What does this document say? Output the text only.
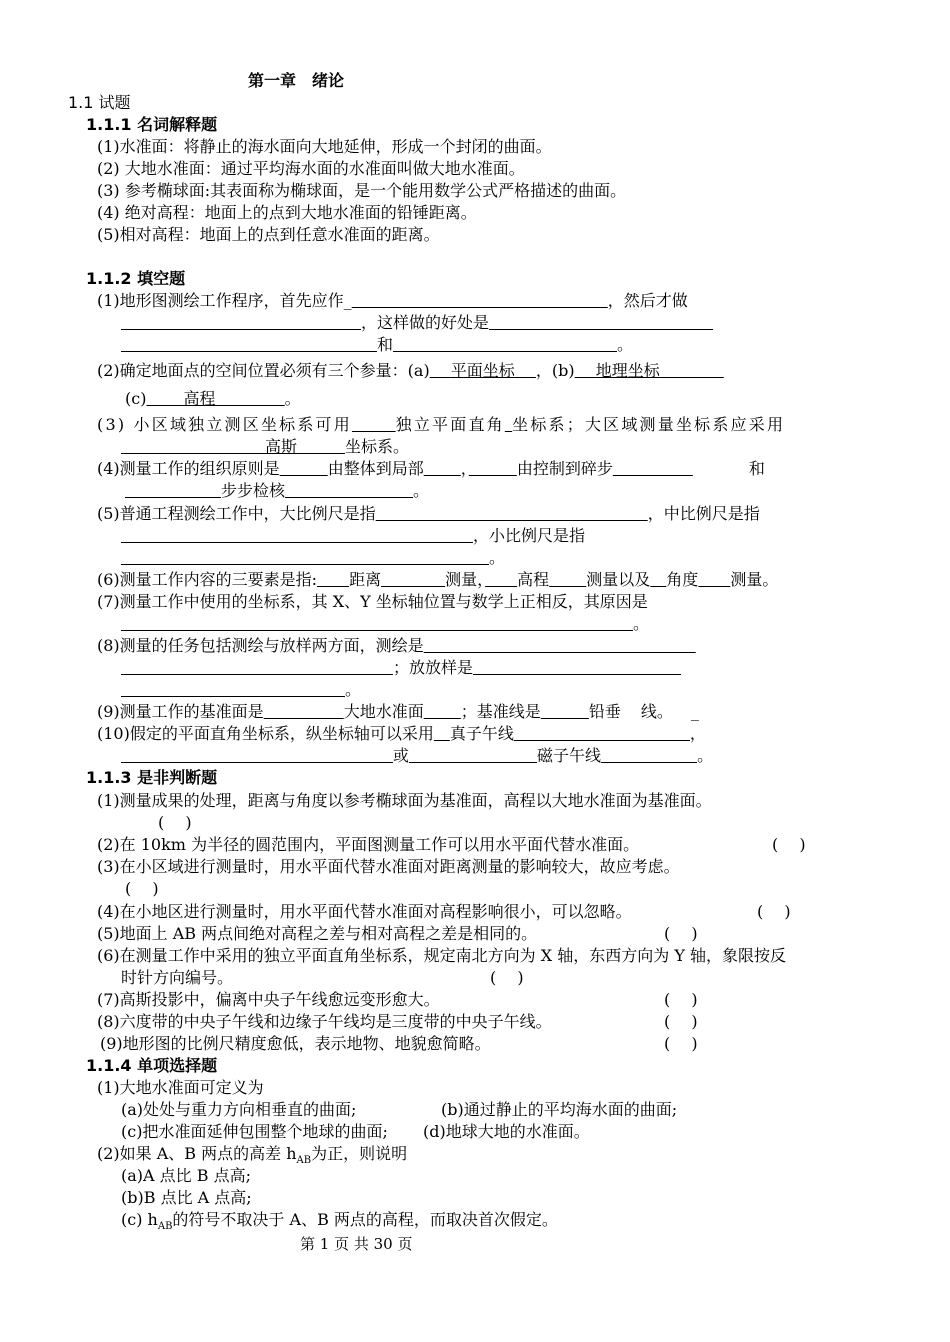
第一章　绪论
1.1 试题
1.1.1 名词解释题
(1)水准面：将静止的海水面向大地延伸，形成一个封闭的曲面。
(2) 大地水准面：通过平均海水面的水准面叫做大地水准面。
(3) 参考椭球面:其表面称为椭球面，是一个能用数学公式严格描述的曲面。
(4) 绝对高程：地面上的点到大地水准面的铅锤距离。
(5)相对高程：地面上的点到任意水准面的距离。
1.1.2 填空题
(1)地形图测绘工作程序，首先应作_　　　　　　　　　　　　　　　　	，然后才做
　　　　　　　　　　　　　　　，这样做的好处是　　　　　　　　　　　　　　
　　　　　　　　　　　　　　　　和　　　　　　　　　　　　　　	。
(2)确定地面点的空间位置必须有三个参量：(a)　 平面坐标　 ，(b)　 地理坐标　　　　
(c)　　 高程　　　　	。
(3) 小区域独立测区坐标系可用　　	独立平面直角 坐标系；大区域测量坐标系应采用
　　　　　　　　　高斯　　　	坐标系。
(4)测量工作的组织原则是　　　	由整体到局部　　 ，　　　	由控制到碎步　　　　　	和
　　　　　　步步检核　　　　　　　　	。
(5)普通工程测绘工作中，大比例尺是指　　　　　　　　　　　　　　　　　	，中比例尺是指
　　　　　　　　　　　　　　　　　　　　　　，小比例尺是指
　　　　　　　　　　　　　　　　　　　　　　　。
(6)测量工作内容的三要素是指:　　 距离　　　　	测量，　　 高程　　 测量以及　 角度　　 测量。
(7)测量工作中使用的坐标系，其 X、Y 坐标轴位置与数学上正相反，其原因是
　　　　　　　　　　　　　　　　　　　　　　　　　　　　　　　　。
(8)测量的任务包括测绘与放样两方面，测绘是　　　　　　　　　　　　　　　　　
　　　　　　　　　　　　　　　　　；放放样是　　　　　　　　　　　　　
　　　　　　　　　　　　　　。
(9)测量工作的基准面是　　　　　	大地水准面　　 ；基准线是　　　	铅垂 线。 _
(10)假定的平面直角坐标系，纵坐标轴可以采用　 真子午线　　　　　　　　　　　	，
　　　　　　　　　　　　　　　　　或　　　　　　　　	磁子午线　　　　　　	。
1.1.3 是非判断题
(1)测量成果的处理，距离与角度以参考椭球面为基准面，高程以大地水准面为基准面。
(　 )
(2)在 10km 为半径的圆范围内，平面图测量工作可以用水平面代替水准面。	(　 )
(3)在小区域进行测量时，用水平面代替水准面对距离测量的影响较大，故应考虑。
(　 )
(4)在小地区进行测量时，用水平面代替水准面对高程影响很小，可以忽略。	(　 )
(5)地面上 AB 两点间绝对高程之差与相对高程之差是相同的。	(　 )
(6)在测量工作中采用的独立平面直角坐标系，规定南北方向为 X 轴，东西方向为 Y 轴，象限按反
时针方向编号。	(　 )
(7)高斯投影中，偏离中央子午线愈远变形愈大。	(　 )
(8)六度带的中央子午线和边缘子午线均是三度带的中央子午线。	(　 )
(9)地形图的比例尺精度愈低，表示地物、地貌愈简略。	(　 )
1.1.4 单项选择题
(1)大地水准面可定义为
(a)处处与重力方向相垂直的曲面;	(b)通过静止的平均海水面的曲面;
(c)把水准面延伸包围整个地球的曲面; (d)地球大地的水准面。
(2)如果 A、B 两点的高差 $h_{AB}$为正，则说明
(a)A 点比 B 点高;
(b)B 点比 A 点高;
(c) $h_{AB}$的符号不取决于 A、B 两点的高程，而取决首次假定。
第 1 页 共 30 页
